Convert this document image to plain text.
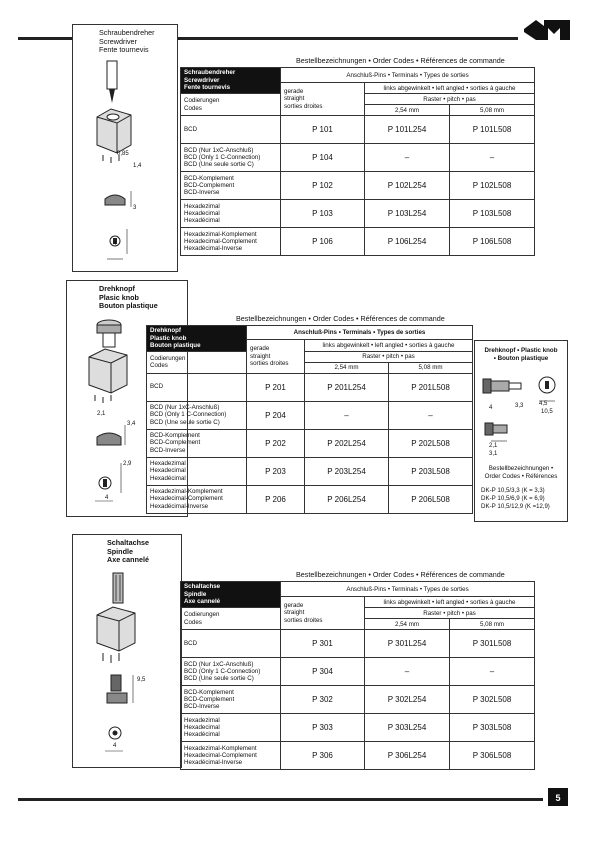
CM
Schraubendreher
Screwdriver
Fente tournevis
0,85
1,4
3
4
Bestellbezeichnungen • Order Codes • Références de commande
Schraubendreher
Screwdriver
Fente tournevis	Anschluß-Pins • Terminals • Types de sorties		

	gerade
straight
sorties droites	links abgewinkelt • left angled • sorties à gauche	

Codierungen
Codes		Raster • pitch • pas	
		2,54 mm	5,08 mm
BCD	P 101	P 101L254	P 101L508

BCD (Nur 1xC-Anschluß)
BCD (Only 1 C-Connection)
BCD (Une seule sortie C)	P 104	–	–

BCD-Komplement
BCD-Complement
BCD-Inverse	P 102	P 102L254	P 102L508

Hexadezimal
Hexadecimal
Hexadécimal	P 103	P 103L254	P 103L508

Hexadezimal-Komplement
Hexadecimal-Complement
Hexadécimal-Inverse	P 106	P 106L254	P 106L508
Drehknopf
Plasic knob
Bouton plastique
2,1
3,4
2,9
4
Bestellbezeichnungen • Order Codes • Références de commande
Drehknopf
Plastic knob
Bouton plastique	Anschluß-Pins • Terminals • Types de sorties		

	gerade
straight
sorties droites	links abgewinkelt • left angled • sorties à gauche	

Codierungen
Codes		Raster • pitch • pas	
		2,54 mm	5,08 mm
BCD	P 201	P 201L254	P 201L508

BCD (Nur 1xC-Anschluß)
BCD (Only 1 C-Connection)
BCD (Une seule sortie C)	P 204	–	–

BCD-Komplement
BCD-Complement
BCD-Inverse	P 202	P 202L254	P 202L508

Hexadezimal
Hexadecimal
Hexadécimal	P 203	P 203L254	P 203L508

Hexadezimal-Komplement
Hexadecimal-Complement
Hexadécimal-Inverse	P 206	P 206L254	P 206L508
Drehknopf • Plastic knob
• Bouton plastique
4	3,3	4,5
10,5
2,1
3,1
Bestellbezeichnungen •
Order Codes • Références
DK-P 10,5/3,3 (K = 3,3)
DK-P 10,5/6,9 (K = 6,9)
DK-P 10,5/12,9 (K =12,9)
Schaltachse
Spindle
Axe cannelé
9,5
4
Bestellbezeichnungen • Order Codes • Références de commande
Schaltachse
Spindle
Axe cannelé	Anschluß-Pins • Terminals • Types de sorties		

	gerade
straight
sorties droites	links abgewinkelt • left angled • sorties à gauche	

Codierungen
Codes		Raster • pitch • pas	
		2,54 mm	5,08 mm
BCD	P 301	P 301L254	P 301L508

BCD (Nur 1xC-Anschluß)
BCD (Only 1 C-Connection)
BCD (Une seule sortie C)	P 304	–	–

BCD-Komplement
BCD-Complement
BCD-Inverse	P 302	P 302L254	P 302L508

Hexadezimal
Hexadecimal
Hexadécimal	P 303	P 303L254	P 303L508

Hexadezimal-Komplement
Hexadecimal-Complement
Hexadécimal-Inverse	P 306	P 306L254	P 306L508
5
